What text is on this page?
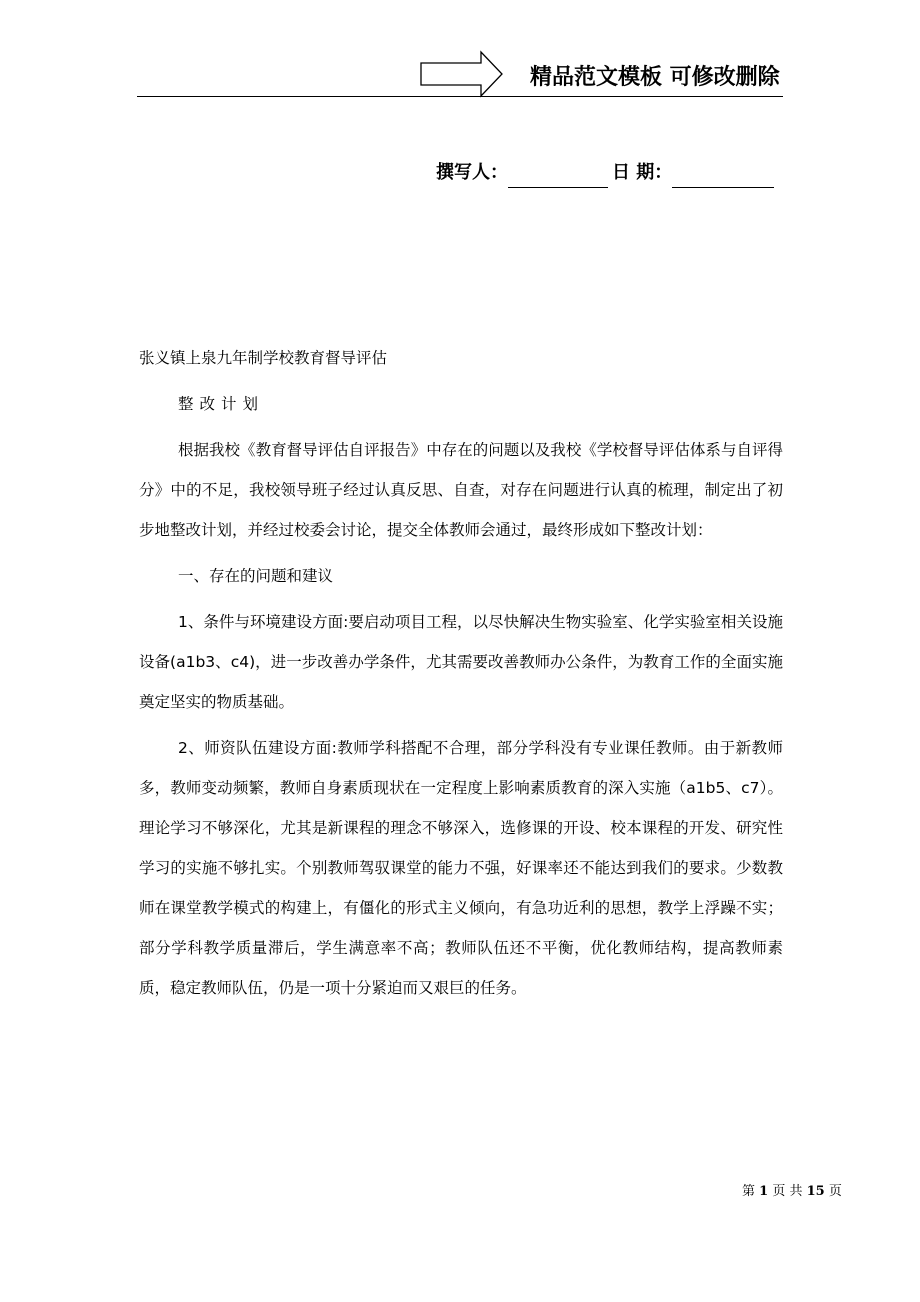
精品范文模板 可修改删除
撰写人：	日 期：

张义镇上泉九年制学校教育督导评估

整改计划

根据我校《教育督导评估自评报告》中存在的问题以及我校《学校督导评估体系与自评得分》中的不足，我校领导班子经过认真反思、自查，对存在问题进行认真的梳理，制定出了初步地整改计划，并经过校委会讨论，提交全体教师会通过，最终形成如下整改计划：

一、存在的问题和建议

1、条件与环境建设方面:要启动项目工程，以尽快解决生物实验室、化学实验室相关设施设备(a1b3、c4)，进一步改善办学条件，尤其需要改善教师办公条件，为教育工作的全面实施奠定坚实的物质基础。

2、师资队伍建设方面:教师学科搭配不合理，部分学科没有专业课任教师。由于新教师多，教师变动频繁，教师自身素质现状在一定程度上影响素质教育的深入实施（a1b5、c7）。理论学习不够深化，尤其是新课程的理念不够深入，选修课的开设、校本课程的开发、研究性学习的实施不够扎实。个别教师驾驭课堂的能力不强，好课率还不能达到我们的要求。少数教师在课堂教学模式的构建上，有僵化的形式主义倾向，有急功近利的思想，教学上浮躁不实；部分学科教学质量滞后，学生满意率不高；教师队伍还不平衡，优化教师结构，提高教师素质，稳定教师队伍，仍是一项十分紧迫而又艰巨的任务。

第 1 页 共 15 页
